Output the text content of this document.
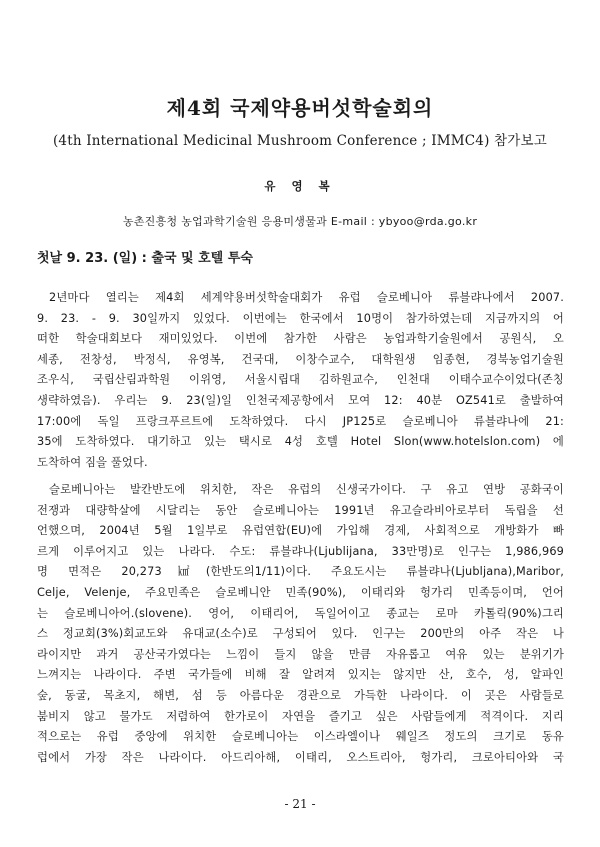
제4회 국제약용버섯학술회의
(4th International Medicinal Mushroom Conference ; IMMC4) 참가보고
유 영 복
농촌진흥청 농업과학기술원 응용미생물과 E-mail : ybyoo@rda.go.kr
첫날 9. 23. (일) : 출국 및 호텔 투숙
2년마다 열리는 제4회 세계약용버섯학술대회가 유럽 슬로베니아 류블랴나에서 2007.
9. 23. - 9. 30일까지 있었다. 이번에는 한국에서 10명이 참가하였는데 지금까지의 어
떠한 학술대회보다 재미있었다. 이번에 참가한 사람은 농업과학기술원에서 공원식, 오
세종, 전창성, 박정식, 유영복, 건국대, 이창수교수, 대학원생 임종현, 경북농업기술원
조우식, 국립산림과학원 이위영, 서울시립대 김하원교수, 인천대 이태수교수이었다(존칭
생략하였음). 우리는 9. 23(일)일 인천국제공항에서 모여 12: 40분 OZ541로 출발하여
17:00에 독일 프랑크푸르트에 도착하였다. 다시 JP125로 슬로베니아 류블랴나에 21:
35에 도착하였다. 대기하고 있는 택시로 4성 호텔 Hotel Slon(www.hotelslon.com) 에
도착하여 짐을 풀었다.
슬로베니아는 발칸반도에 위치한, 작은 유럽의 신생국가이다. 구 유고 연방 공화국이
전쟁과 대량학살에 시달리는 동안 슬로베니아는 1991년 유고슬라비아로부터 독립을 선
언했으며, 2004년 5월 1일부로 유럽연합(EU)에 가입해 경제, 사회적으로 개방화가 빠
르게 이루어지고 있는 나라다. 수도: 류블랴나(Ljublijana, 33만명)로 인구는 1,986,969
명 면적은 20,273㎢(한반도의1/11)이다. 주요도시는 류블랴나(Ljubljana),Maribor,
Celje, Velenje, 주요민족은 슬로베니안 민족(90%), 이태리와 헝가리 민족등이며, 언어
는 슬로베니아어.(slovene). 영어, 이태리어, 독일어이고 종교는 로마 카톨릭(90%)그리
스 정교회(3%)회교도와 유대교(소수)로 구성되어 있다. 인구는 200만의 아주 작은 나
라이지만 과거 공산국가였다는 느낌이 들지 않을 만큼 자유롭고 여유 있는 분위기가
느껴지는 나라이다. 주변 국가들에 비해 잘 알려져 있지는 않지만 산, 호수, 성, 알파인
숲, 동굴, 목초지, 해변, 섬 등 아름다운 경관으로 가득한 나라이다. 이 곳은 사람들로
붐비지 않고 물가도 저렴하여 한가로이 자연을 즐기고 싶은 사람들에게 적격이다. 지리
적으로는 유럽 중앙에 위치한 슬로베니아는 이스라엘이나 웨일즈 정도의 크기로 동유
럽에서 가장 작은 나라이다. 아드리아해, 이태리, 오스트리아, 헝가리, 크로아티아와 국
- 21 -
